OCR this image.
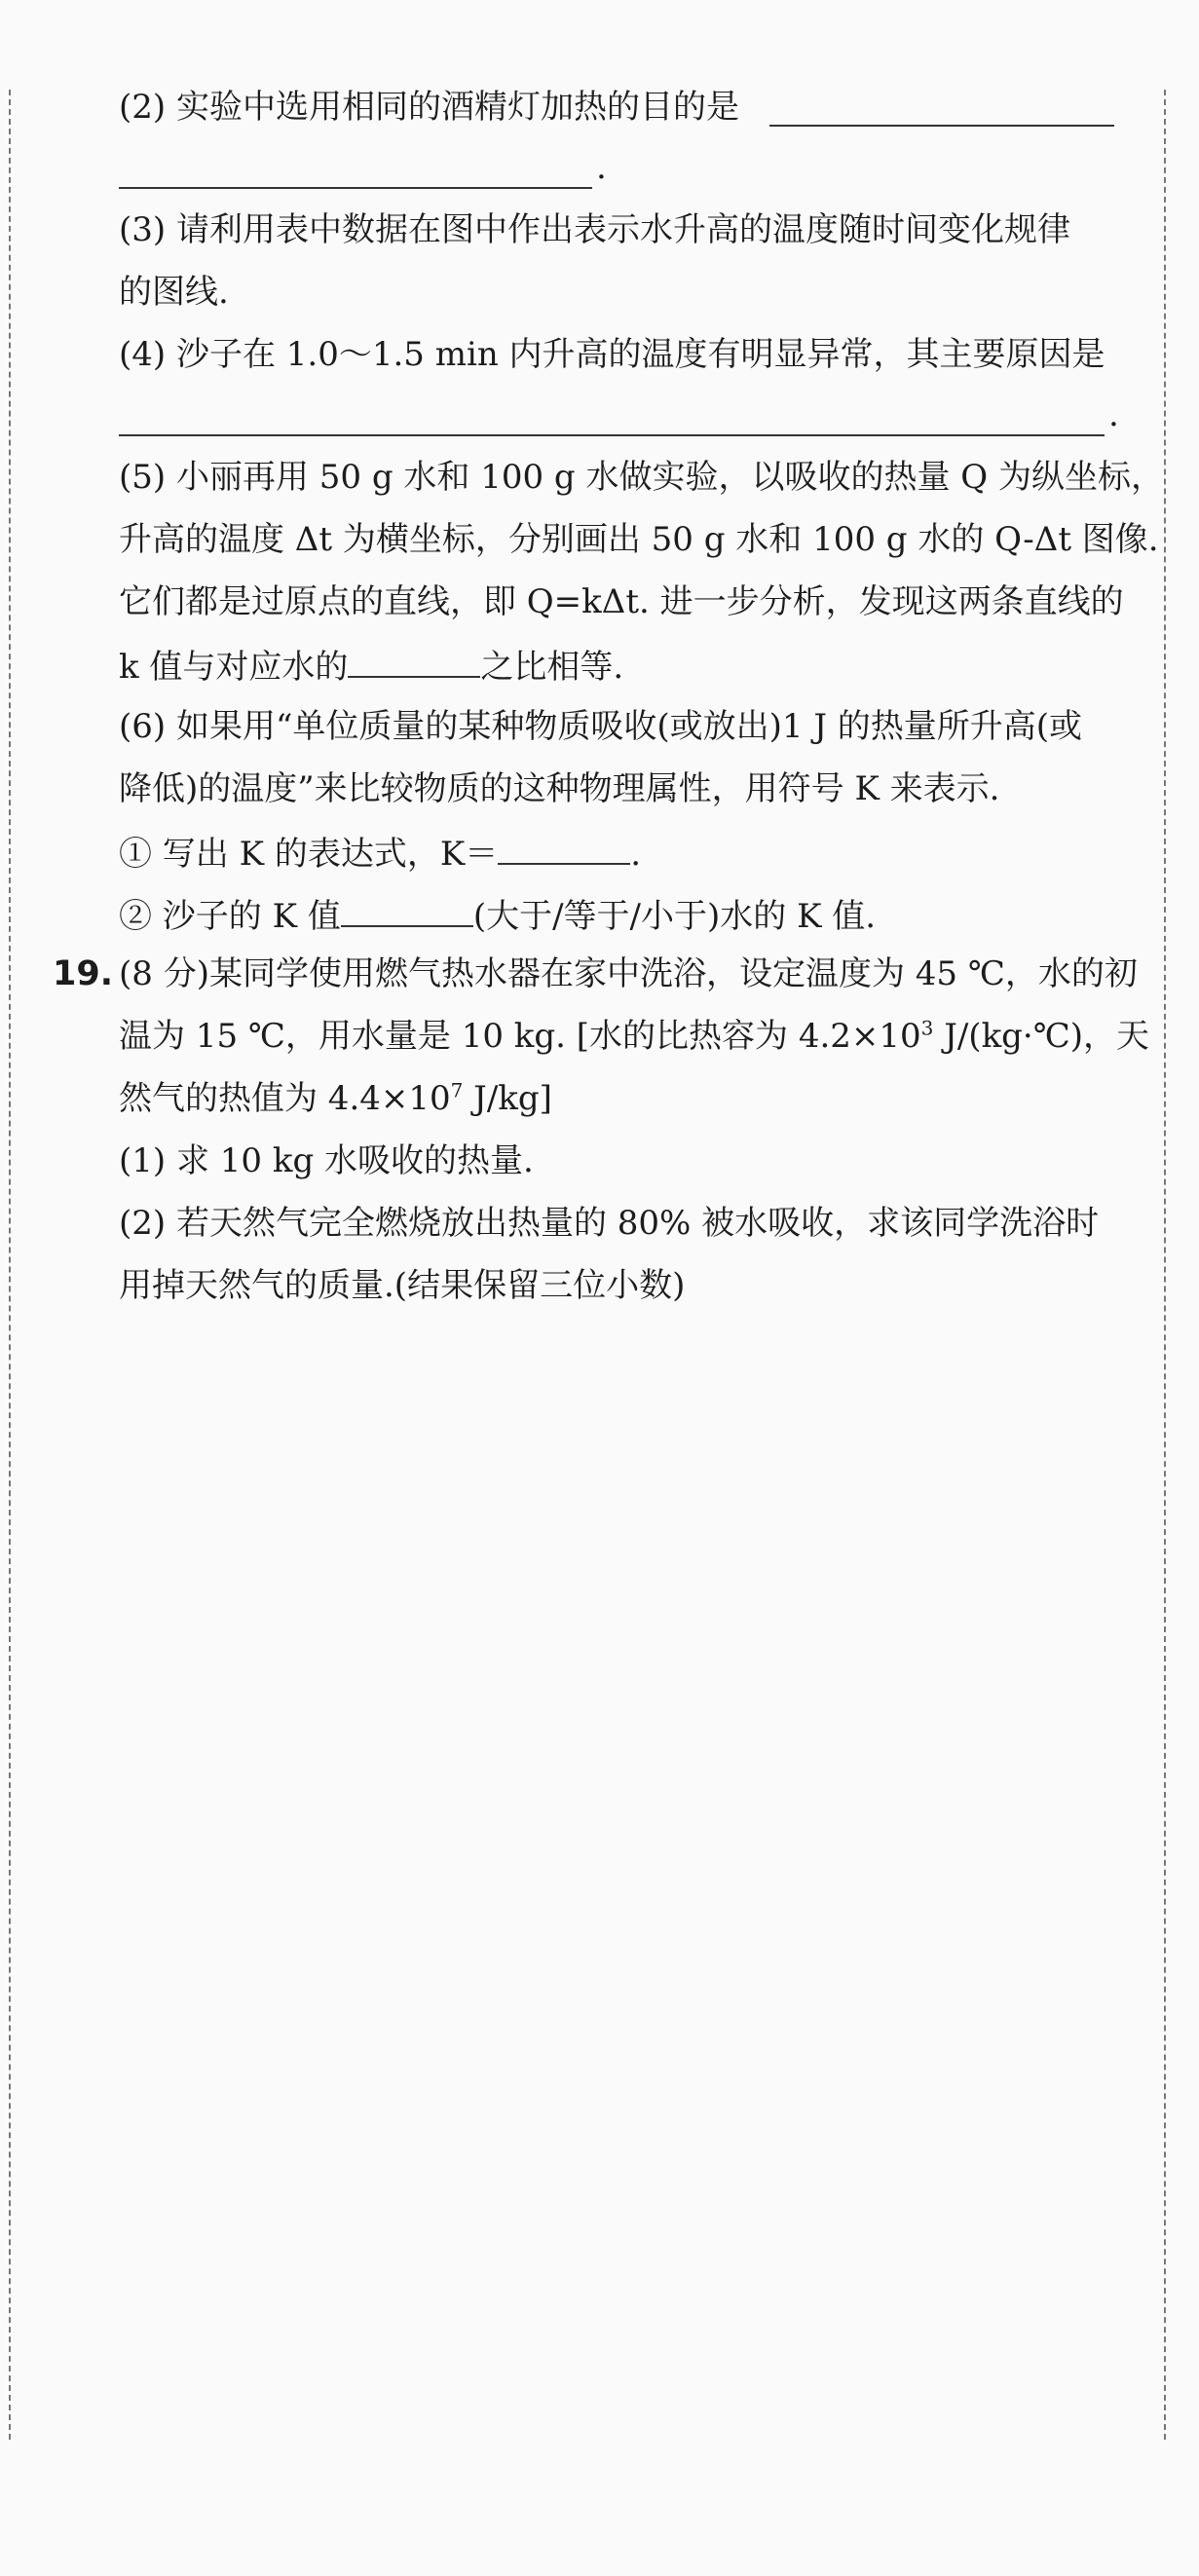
(2) 实验中选用相同的酒精灯加热的目的是
.
(3) 请利用表中数据在图中作出表示水升高的温度随时间变化规律
的图线.
(4) 沙子在 1.0～1.5 min 内升高的温度有明显异常，其主要原因是
.
(5) 小丽再用 50 g 水和 100 g 水做实验，以吸收的热量 Q 为纵坐标，
升高的温度 Δt 为横坐标，分别画出 50 g 水和 100 g 水的 Q-Δt 图像.
它们都是过原点的直线，即 Q=kΔt. 进一步分析，发现这两条直线的
k 值与对应水的	之比相等.
(6) 如果用“单位质量的某种物质吸收(或放出)1 J 的热量所升高(或
降低)的温度”来比较物质的这种物理属性，用符号 K 来表示.
① 写出 K 的表达式，K＝	.
② 沙子的 K 值	(大于/等于/小于)水的 K 值.
19. (8 分)某同学使用燃气热水器在家中洗浴，设定温度为 45 ℃，水的初
温为 15 ℃，用水量是 10 kg. [水的比热容为 $4.2\times 10^3$ J/(kg·℃)，天
然气的热值为 $4.4\times 10^7$ J/kg]
(1) 求 10 kg 水吸收的热量.
(2) 若天然气完全燃烧放出热量的 80% 被水吸收，求该同学洗浴时
用掉天然气的质量.(结果保留三位小数)
